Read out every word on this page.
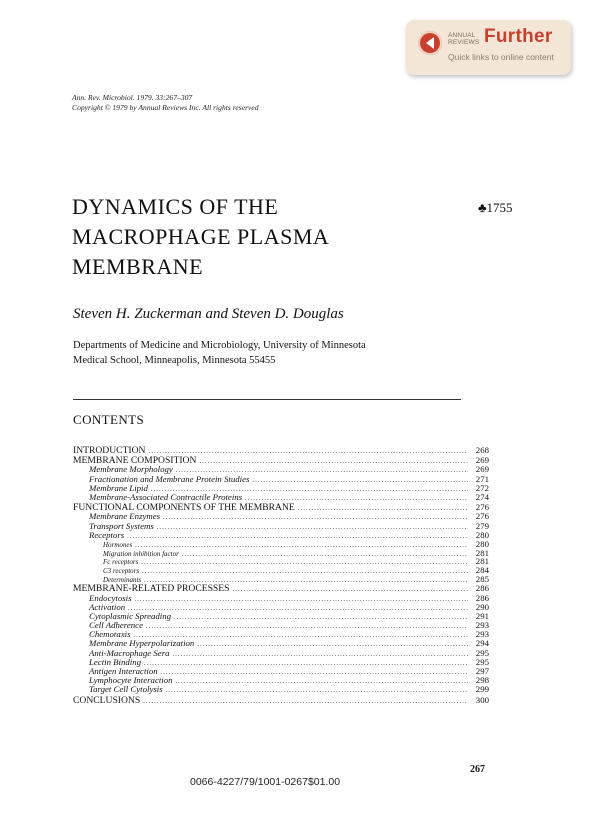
ANNUAL
REVIEWS Further
Quick links to online content
Ann. Rev. Microbiol. 1979. 33:267–307
Copyright © 1979 by Annual Reviews Inc. All rights reserved
DYNAMICS OF THE
MACROPHAGE PLASMA
MEMBRANE
♣1755
Steven H. Zuckerman and Steven D. Douglas
Departments of Medicine and Microbiology, University of Minnesota
Medical School, Minneapolis, Minnesota 55455
CONTENTS
INTRODUCTION .....	268
MEMBRANE COMPOSITION .....	269
Membrane Morphology .....	269
Fractionation and Membrane Protein Studies .....	271
Membrane Lipid .....	272
Membrane-Associated Contractile Proteins .....	274
FUNCTIONAL COMPONENTS OF THE MEMBRANE .....	276
Membrane Enzymes .....	276
Transport Systems .....	279
Receptors .....	280
Hormones .....	280
Migration inhibition factor .....	281
Fc receptors .....	281
C3 receptors .....	284
Determinants .....	285
MEMBRANE-RELATED PROCESSES .....	286
Endocytosis .....	286
Activation .....	290
Cytoplasmic Spreading .....	291
Cell Adherence .....	293
Chemotaxis .....	293
Membrane Hyperpolarization .....	294
Anti-Macrophage Sera .....	295
Lectin Binding .....	295
Antigen Interaction .....	297
Lymphocyte Interaction .....	298
Target Cell Cytolysis .....	299
CONCLUSIONS .....	300
267
0066-4227/79/1001-0267$01.00
